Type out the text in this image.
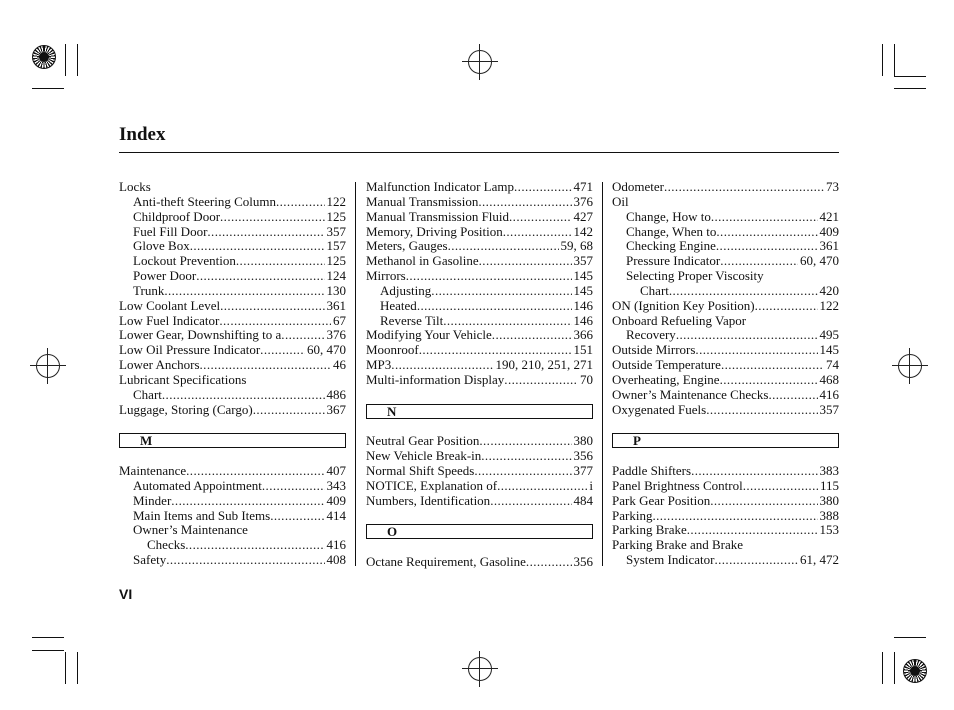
Index
Locks
Anti-theft Steering Column .....	122
Childproof Door .....	125
Fuel Fill Door .....	357
Glove Box .....	157
Lockout Prevention .....	125
Power Door .....	124
Trunk .....	130
Low Coolant Level .....	361
Low Fuel Indicator .....	67
Lower Gear, Downshifting to a .....	376
Low Oil Pressure Indicator .....	60, 470
Lower Anchors .....	46
Lubricant Specifications
Chart .....	486
Luggage, Storing (Cargo) .....	367
M
Maintenance .....	407
Automated Appointment .....	343
Minder .....	409
Main Items and Sub Items .....	414
Owner’s Maintenance
Checks .....	416
Safety .....	408
Malfunction Indicator Lamp .....	471
Manual Transmission .....	376
Manual Transmission Fluid .....	427
Memory, Driving Position .....	142
Meters, Gauges .....	59, 68
Methanol in Gasoline .....	357
Mirrors .....	145
Adjusting .....	145
Heated .....	146
Reverse Tilt .....	146
Modifying Your Vehicle .....	366
Moonroof .....	151
MP3 .....	190, 210, 251, 271
Multi-information Display .....	70
N
Neutral Gear Position .....	380
New Vehicle Break-in .....	356
Normal Shift Speeds .....	377
NOTICE, Explanation of .....	i
Numbers, Identification .....	484
O
Octane Requirement, Gasoline .....	356
Odometer .....	73
Oil
Change, How to .....	421
Change, When to .....	409
Checking Engine .....	361
Pressure Indicator .....	60, 470
Selecting Proper Viscosity
Chart .....	420
ON (Ignition Key Position) .....	122
Onboard Refueling Vapor
Recovery .....	495
Outside Mirrors .....	145
Outside Temperature .....	74
Overheating, Engine .....	468
Owner’s Maintenance Checks .....	416
Oxygenated Fuels .....	357
P
Paddle Shifters .....	383
Panel Brightness Control .....	115
Park Gear Position .....	380
Parking .....	388
Parking Brake .....	153
Parking Brake and Brake
System Indicator .....	61, 472
VI
